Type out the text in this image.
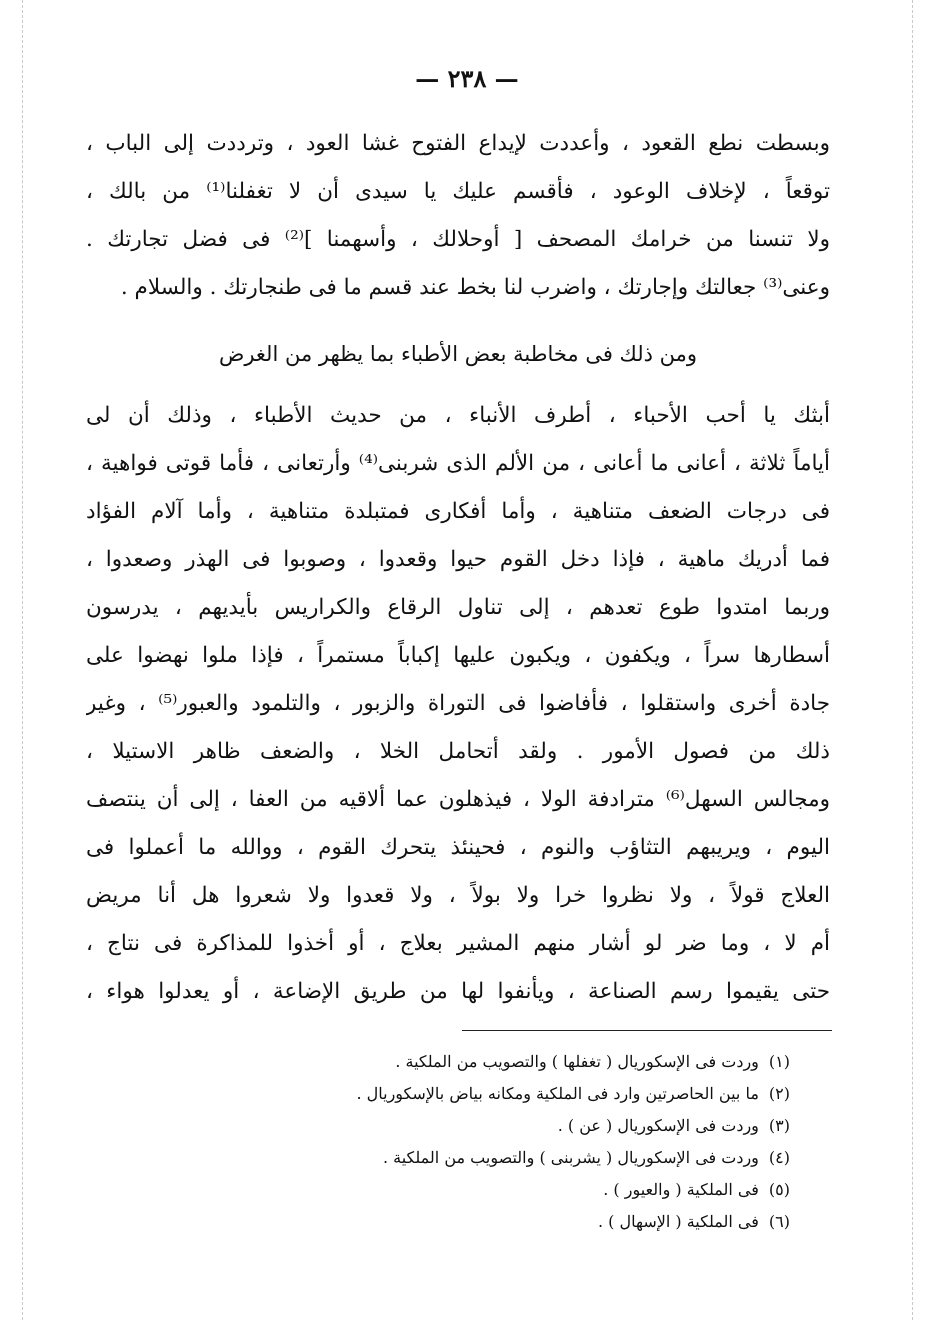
— ٢٣٨ —
وبسطت نطع القعود ، وأعددت لإيداع الفتوح غشا العود ، وترددت إلى الباب ،
توقعاً ، لإخلاف الوعود ، فأقسم عليك يا سيدى أن لا تغفلنا⁽¹⁾ من بالك ،
ولا تنسنا من خرامك المصحف [ أوحلالك ، وأسهمنا ]⁽²⁾ فى فضل تجارتك .
وعنى⁽³⁾ جعالتك وإجارتك ، واضرب لنا بخط عند قسم ما فى طنجارتك . والسلام .
ومن ذلك فى مخاطبة بعض الأطباء بما يظهر من الغرض
أبثك يا أحب الأحباء ، أطرف الأنباء ، من حديث الأطباء ، وذلك أن لى
أياماً ثلاثة ، أعانى ما أعانى ، من الألم الذى شربنى⁽⁴⁾ وأرتعانى ، فأما قوتى فواهية ،
فى درجات الضعف متناهية ، وأما أفكارى فمتبلدة متناهية ، وأما آلام الفؤاد
فما أدريك ماهية ، فإذا دخل القوم حيوا وقعدوا ، وصوبوا فى الهذر وصعدوا ،
وربما امتدوا طوع تعدهم ، إلى تناول الرقاع والكراريس بأيديهم ، يدرسون
أسطارها سراً ، ويكفون ، ويكبون عليها إكباباً مستمراً ، فإذا ملوا نهضوا على
جادة أخرى واستقلوا ، فأفاضوا فى التوراة والزبور ، والتلمود والعبور⁽⁵⁾ ، وغير
ذلك من فصول الأمور . ولقد أتحامل الخلا ، والضعف ظاهر الاستيلا ،
ومجالس السهل⁽⁶⁾ مترادفة الولا ، فيذهلون عما ألاقيه من العفا ، إلى أن ينتصف
اليوم ، ويريبهم التثاؤب والنوم ، فحينئذ يتحرك القوم ، ووالله ما أعملوا فى
العلاج قولاً ، ولا نظروا خرا ولا بولاً ، ولا قعدوا ولا شعروا هل أنا مريض
أم لا ، وما ضر لو أشار منهم المشير بعلاج ، أو أخذوا للمذاكرة فى نتاج ،
حتى يقيموا رسم الصناعة ، ويأنفوا لها من طريق الإضاعة ، أو يعدلوا هواء ،
(١)وردت فى الإسكوريال ( تغفلها ) والتصويب من الملكية .
(٢)ما بين الحاصرتين وارد فى الملكية ومكانه بياض بالإسكوريال .
(٣)وردت فى الإسكوريال ( عن ) .
(٤)وردت فى الإسكوريال ( يشربنى ) والتصويب من الملكية .
(٥)فى الملكية ( والعيور ) .
(٦)فى الملكية ( الإسهال ) .
